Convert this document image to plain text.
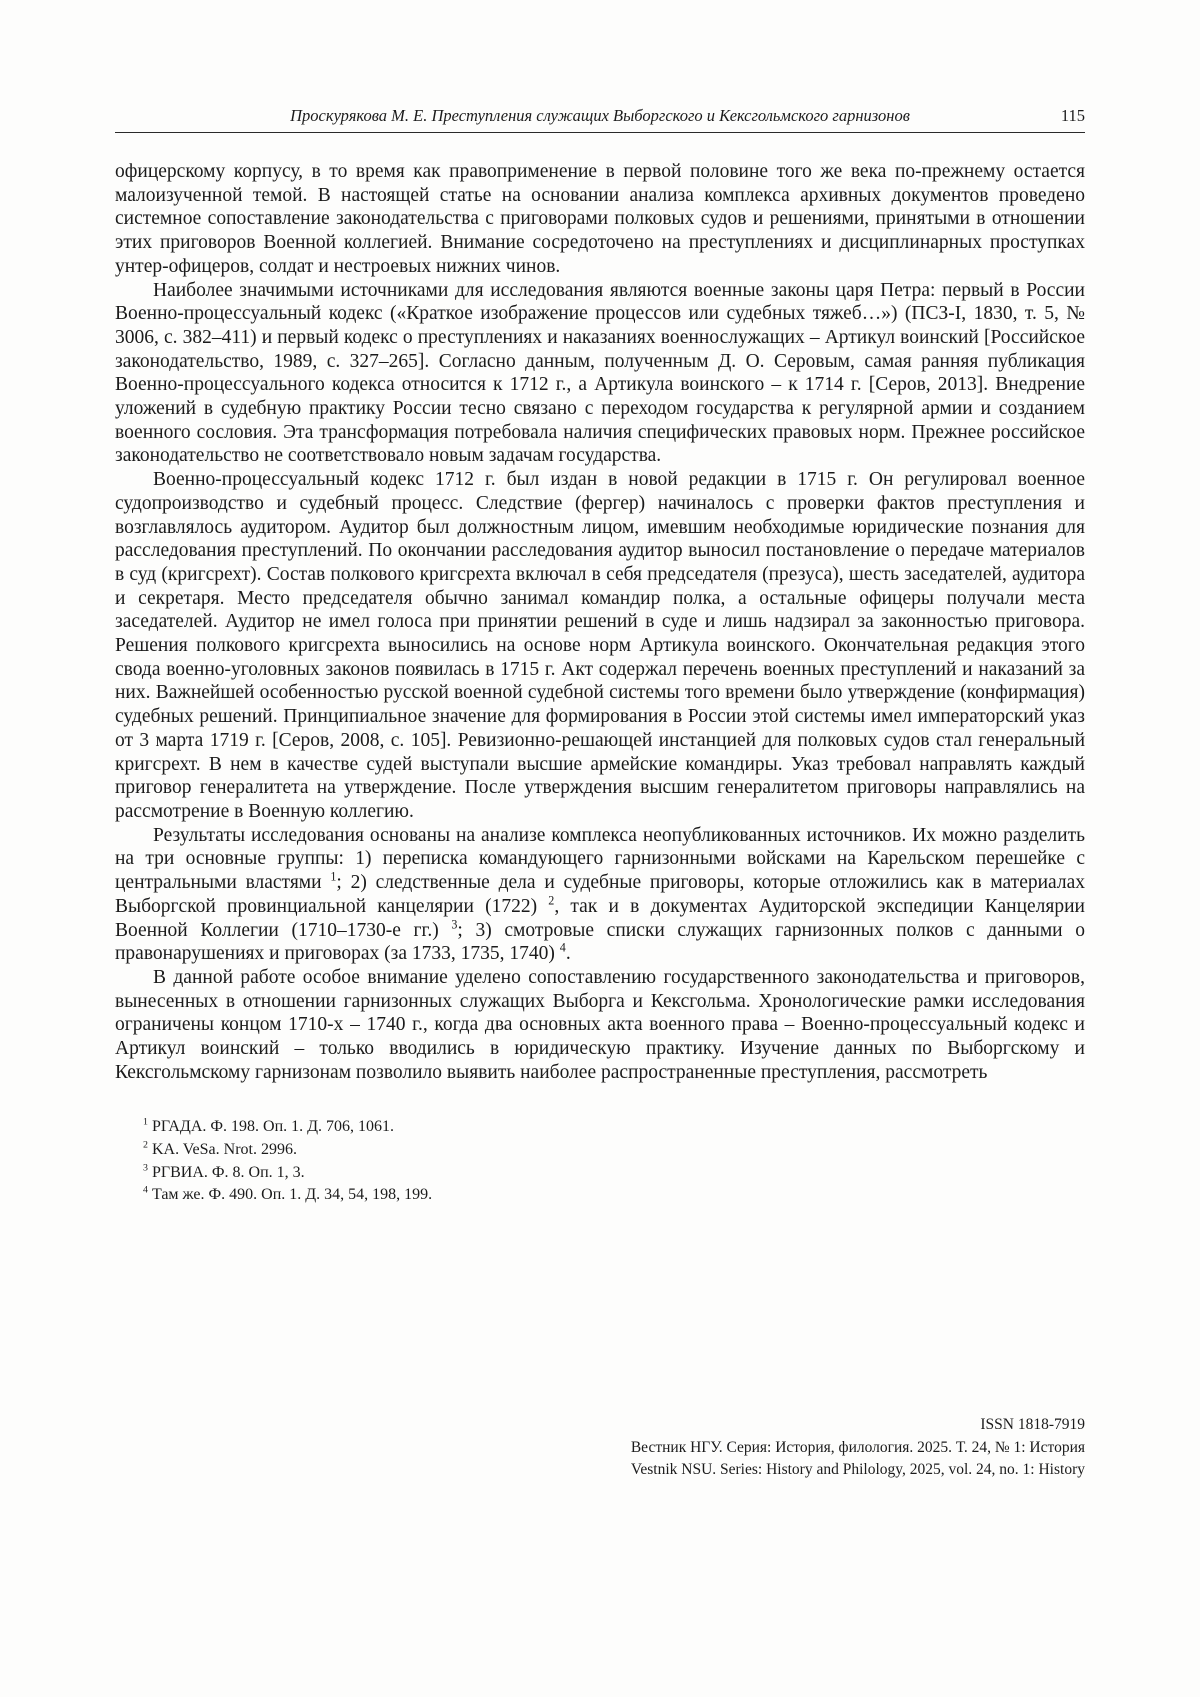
Проскурякова М. Е. Преступления служащих Выборгского и Кексгольмского гарнизонов	115

офицерскому корпусу, в то время как правоприменение в первой половине того же века по-прежнему остается малоизученной темой. В настоящей статье на основании анализа комплекса архивных документов проведено системное сопоставление законодательства с приговорами полковых судов и решениями, принятыми в отношении этих приговоров Военной коллегией. Внимание сосредоточено на преступлениях и дисциплинарных проступках унтер-офицеров, солдат и нестроевых нижних чинов.

Наиболее значимыми источниками для исследования являются военные законы царя Петра: первый в России Военно-процессуальный кодекс («Краткое изображение процессов или судебных тяжеб…») (ПСЗ-I, 1830, т. 5, № 3006, с. 382–411) и первый кодекс о преступлениях и наказаниях военнослужащих – Артикул воинский [Российское законодательство, 1989, с. 327–265]. Согласно данным, полученным Д. О. Серовым, самая ранняя публикация Военно-процессуального кодекса относится к 1712 г., а Артикула воинского – к 1714 г. [Серов, 2013]. Внедрение уложений в судебную практику России тесно связано с переходом государства к регулярной армии и созданием военного сословия. Эта трансформация потребовала наличия специфических правовых норм. Прежнее российское законодательство не соответствовало новым задачам государства.

Военно-процессуальный кодекс 1712 г. был издан в новой редакции в 1715 г. Он регулировал военное судопроизводство и судебный процесс. Следствие (фергер) начиналось с проверки фактов преступления и возглавлялось аудитором. Аудитор был должностным лицом, имевшим необходимые юридические познания для расследования преступлений. По окончании расследования аудитор выносил постановление о передаче материалов в суд (кригсрехт). Состав полкового кригсрехта включал в себя председателя (презуса), шесть заседателей, аудитора и секретаря. Место председателя обычно занимал командир полка, а остальные офицеры получали места заседателей. Аудитор не имел голоса при принятии решений в суде и лишь надзирал за законностью приговора. Решения полкового кригсрехта выносились на основе норм Артикула воинского. Окончательная редакция этого свода военно-уголовных законов появилась в 1715 г. Акт содержал перечень военных преступлений и наказаний за них. Важнейшей особенностью русской военной судебной системы того времени было утверждение (конфирмация) судебных решений. Принципиальное значение для формирования в России этой системы имел императорский указ от 3 марта 1719 г. [Серов, 2008, с. 105]. Ревизионно-решающей инстанцией для полковых судов стал генеральный кригсрехт. В нем в качестве судей выступали высшие армейские командиры. Указ требовал направлять каждый приговор генералитета на утверждение. После утверждения высшим генералитетом приговоры направлялись на рассмотрение в Военную коллегию.

Результаты исследования основаны на анализе комплекса неопубликованных источников. Их можно разделить на три основные группы: 1) переписка командующего гарнизонными войсками на Карельском перешейке с центральными властями $^1$; 2) следственные дела и судебные приговоры, которые отложились как в материалах Выборгской провинциальной канцелярии (1722) $^2$, так и в документах Аудиторской экспедиции Канцелярии Военной Коллегии (1710–1730-е гг.) $^3$; 3) смотровые списки служащих гарнизонных полков с данными о правонарушениях и приговорах (за 1733, 1735, 1740) $^4$.

В данной работе особое внимание уделено сопоставлению государственного законодательства и приговоров, вынесенных в отношении гарнизонных служащих Выборга и Кексгольма. Хронологические рамки исследования ограничены концом 1710-х – 1740 г., когда два основных акта военного права – Военно-процессуальный кодекс и Артикул воинский – только вводились в юридическую практику. Изучение данных по Выборгскому и Кексгольмскому гарнизонам позволило выявить наиболее распространенные преступления, рассмотреть

$^1$ РГАДА. Ф. 198. Оп. 1. Д. 706, 1061.

$^2$ KA. VeSa. Nrot. 2996.

$^3$ РГВИА. Ф. 8. Оп. 1, 3.

$^4$ Там же. Ф. 490. Оп. 1. Д. 34, 54, 198, 199.

ISSN 1818-7919
Вестник НГУ. Серия: История, филология. 2025. Т. 24, № 1: История
Vestnik NSU. Series: History and Philology, 2025, vol. 24, no. 1: History
